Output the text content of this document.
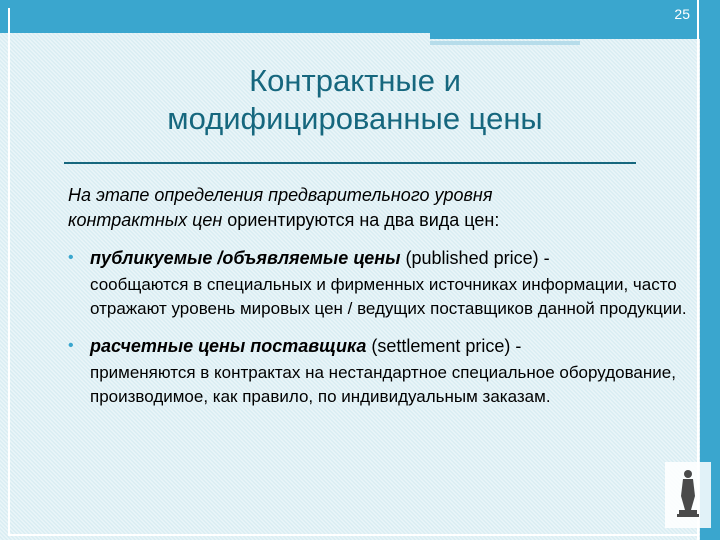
25
Контрактные и
модифицированные цены
На этапе определения предварительного уровня
контрактных цен ориентируются на два вида цен:
• публикуемые /объявляемые цены (published price) -
сообщаются в специальных и фирменных источниках информации, часто отражают уровень мировых цен / ведущих поставщиков данной продукции.
• расчетные цены поставщика (settlement price) -
применяются в контрактах на нестандартное специальное оборудование, производимое, как правило, по индивидуальным заказам.
